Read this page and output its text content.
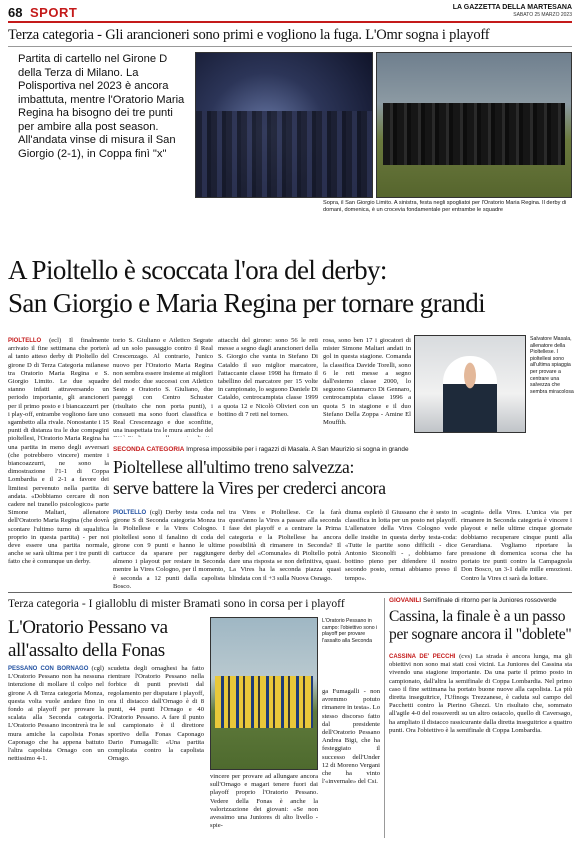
68 SPORT	LA GAZZETTA DELLA MARTESANA
SABATO 25 MARZO 2023
Terza categoria - Gli arancioneri sono primi e vogliono la fuga. L'Omr sogna i playoff
Partita di cartello nel Girone D della Terza di Milano. La Polisportiva nel 2023 è ancora imbattuta, mentre l'Oratorio Maria Regina ha bisogno dei tre punti per ambire alla post season. All'andata vinse di misura il San Giorgio (2-1), in Coppa finì "x"
Sopra, il San Giorgio Limito. A sinistra, festa negli spogliatoi per l'Oratorio Maria Regina. Il derby di domani, domenica, è un crocevia fondamentale per entrambe le squadre
A Pioltello è scoccata l'ora del derby:
San Giorgio e Maria Regina per tornare grandi
PIOLTELLO (ecl) Il finalmente arrivato il fine settimana che porterà al tanto atteso derby di Pioltello del girone D di Terza Categoria milanese tra Oratorio Maria Regina e S. Giorgio Limito. Le due squadre stanno infatti attraversando un periodo importante, gli arancioneri per il primo posto e i biancazzurri per i play-off, entrambe vogliono fare uno sgambetto alla rivale. Nonostante i 15 punti di distanza tra le due compagini pioltellesi, l'Oratorio Maria Regina ha una partita in meno degli avversari (che potrebbero vincere) mentre i biancoazzurri, ne sono la dimostrazione l'1-1 di Coppa Lombardia e il 2-1 a favore dei limitesi pervenuto nella partita di andata. «Dobbiamo cercare di non cadere nel tranello psicologico» parte Simone Maltari, allenatore dell'Oratorio Maria Regina (che dovrà scontare l'ultimo turno di squalifica proprio in questa partita) - per noi deve essere una partita normale, anche se sarà ultima per i tre punti di fatto che è comunque un derby.
torio S. Giuliano e Atletico Segrate ad un solo passaggio contro il Real Crescenzago. Al contrario, l'unico nuovo per l'Oratorio Maria Regina non sembra essere insieme ai migliori del modo: due successi con Atletico Sesto e Oratorio S. Giuliano, due pareggi con Centro Schuster (risultato che non porta punti), i consueti ma sono fuori classifica e Real Crescenzago e due sconfitte, una inaspettata tra le mura amiche del
attacchi del girone: sono 56 le reti messe a segno dagli arancioneri della S. Giorgio che vanta in Stefano Di Cataldo il suo miglior marcatore, l'attaccante classe 1998 ha firmato il tabellino del marcatore per 15 volte in campionato, lo seguono Daniele Di Cataldo, centrocampista classe 1999 a quota 12 e Nicolò Olivieri con un bottino di 7 reti nel torneo.
rosa, sono ben 17 i giocatori di mister Simone Maltari andati in gol in questa stagione. Comanda la classifica Davide Torelli, sono 6 le reti messe a segno dall'esterno classe 2000, lo seguono Gianmarco Di Gennaro, centrocampista classe 1996 a quota 5 in stagione e il duo Stefano Della Zoppa - Amine El Mouffih.
Salvatore Masala, allenatore della Pioltellese. I pioltellesi sono all'ultima spiaggia per provare a centrare una salvezza che sembra miracolosa
SECONDA CATEGORIA Impresa impossibile per i ragazzi di Masala. A San Maurizio si sogna in grande
Pioltellese all'ultimo treno salvezza:
serve battere la Vires per crederci ancora
PIOLTELLO (cgl) Derby testa coda nel girone S di Seconda categoria Monza tra la Pioltellese e la Vires Cologno. I pioltellesi sono il fanalino di coda del girone con 9 punti e hanno le ultime cartucce da sparare per raggiungere almeno i playout per restare in Seconda mentre la Vires Cologno, per il momento, è seconda a 12 punti dalla capolista Bosco.
tra Vires e Pioltellese. Ce la farà quest'anno la Vires a passare alla seconda fase dei playoff e a centrare la Prima categoria e la Pioltellese ha ancora possibilità di rimanere in Seconda? Il derby del «Comunale» di Pioltello potrà dare una risposta se non definitiva, quasi. La Vires ha la seconda piazza quasi blindata con il +3 sulla Nuova Osnago.
diuma espletò il Giussano che è sesto in classifica in lotta per un posto nei playoff. L'allenatore della Vires Cologno vede delle insidie in questa derby testa-coda: «Tutte le partite sono difficili - dice Antonio Siconolfi - , dobbiamo fare bottino pieno per difendere il nostro secondo posto, ormai abbiamo preso il tempo».
«cugini» della Vires. L'unica via per rimanere in Seconda categoria è vincere i playout e nelle ultime cinque giornate dobbiamo recuperare cinque punti alla Gerardiana. Vogliamo riportare la pressione di domenica scorsa che ha portato tre punti contro la Campagnola Don Bosco, un 3-1 dalle mille emozioni. Contro la Vires ci sarà da lottare.
Terza categoria - I gialloblu di mister Bramati sono in corsa per i playoff
L'Oratorio Pessano va
all'assalto della Fonas
PESSANO CON BORNAGO (cgl) L'Oratorio Pessano non ha nessuna intenzione di mollare il colpo nel girone A di Terza categoria Monza, questa volta vuole andare fino in fondo ai playoff per provare la scalata alla Seconda categoria. L'Oratorio Pessano incontrerà tra le mura amiche la capolista Fonas Caponago che ha appena battuto l'altra capolista Ornago con un nettissimo 4-1.
scudetta degli ornaghesi ha fatto rientrare l'Oratorio Pessano nella forbice di punti previsti dal regolamento per disputare i playoff, ora il distacco dall'Ornago è di 8 punti, 44 punti l'Ornago e 40 l'Oratorio Pessano. A fare il punto sul campionato è il direttore sportivo della Fonas Caponago Dario Fumagalli: «Una partita complicata contro la capolista Ornago.
L'Oratorio Pessano in campo: l'obiettivo sono i playoff per provare l'assalto alla Seconda
vincere per provare ad allungare ancora sull'Ornago e magari tenere fuori dai playoff proprio l'Oratorio Pessano. Vedere della Fonas è anche la valorizzazione dei giovani: «Se non avessimo una Juniores di alto livello - spie-
ga Fumagalli - non avremmo potuto rimanere in testa». Lo stesso discorso fatto dal presidente dell'Oratorio Pessano Andrea Bigi, che ha festeggiato il successo dell'Under 12 di Moreno Vergani che ha vinto l'«invernale» del Csi.
GIOVANILI Semifinale di ritorno per la Juniores rossoverde
Cassina, la finale è a un passo
per sognare ancora il "doblete"
CASSINA DE' PECCHI (cvs) La strada è ancora lunga, ma gli obiettivi non sono mai stati così vicini. La Juniores del Cassina sta vivendo una stagione importante. Da una parte il primo posto in campionato, dall'altra la semifinale di Coppa Lombardia. Nel primo caso il fine settimana ha portato buone nuove alla capolista. La più diretta inseguitrice, l'Ufinogs Trezzanese, è caduta sul campo del Pacchetti contro la Pierino Ghezzi. Un risultato che, sommato all'agile 4-0 del rossoverdi su un altro ostacolo, quello di Caversago, ha ampliato il distacco rassicurante dalla diretta inseguitrice a quattro punti. Ora l'obiettivo è la semifinale di Coppa Lombardia.
